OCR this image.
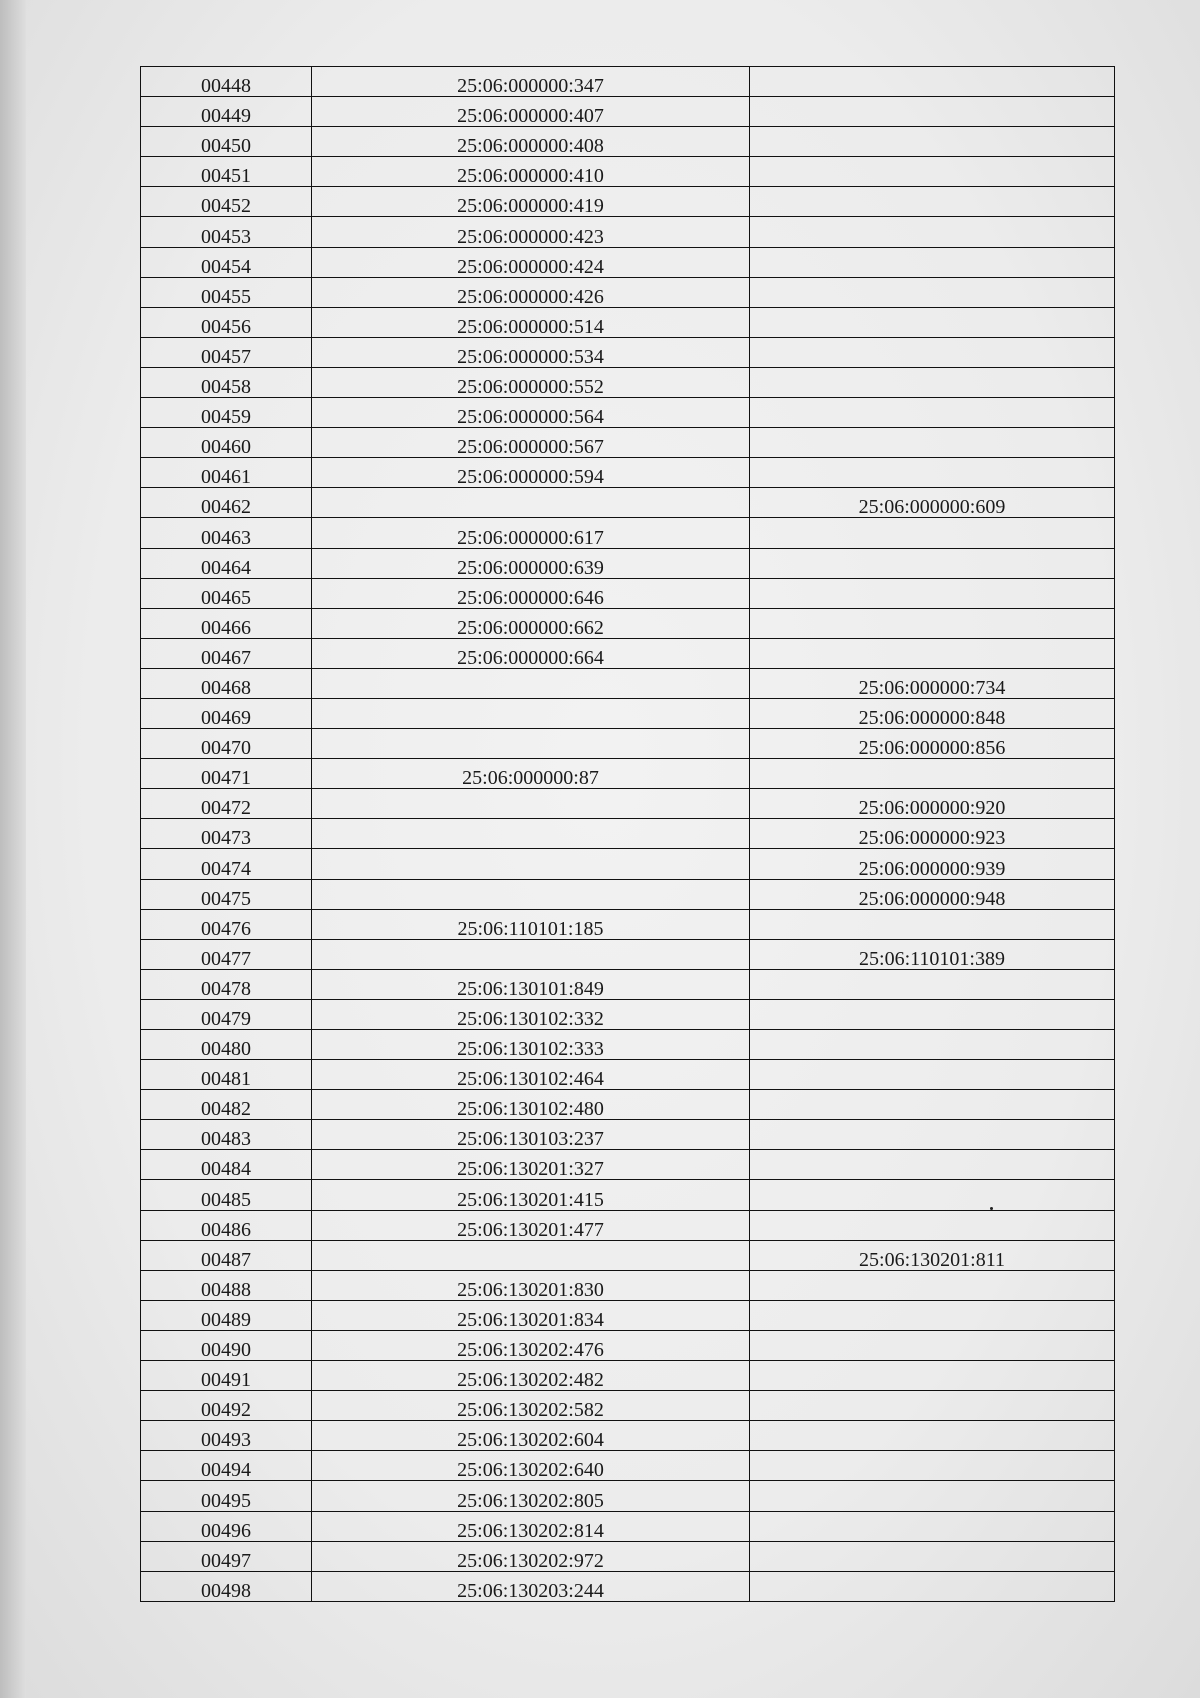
00448	25:06:000000:347	
00449	25:06:000000:407	
00450	25:06:000000:408	
00451	25:06:000000:410	
00452	25:06:000000:419	
00453	25:06:000000:423	
00454	25:06:000000:424	
00455	25:06:000000:426	
00456	25:06:000000:514	
00457	25:06:000000:534	
00458	25:06:000000:552	
00459	25:06:000000:564	
00460	25:06:000000:567	
00461	25:06:000000:594	
00462		25:06:000000:609
00463	25:06:000000:617	
00464	25:06:000000:639	
00465	25:06:000000:646	
00466	25:06:000000:662	
00467	25:06:000000:664	
00468		25:06:000000:734
00469		25:06:000000:848
00470		25:06:000000:856
00471	25:06:000000:87	
00472		25:06:000000:920
00473		25:06:000000:923
00474		25:06:000000:939
00475		25:06:000000:948
00476	25:06:110101:185	
00477		25:06:110101:389
00478	25:06:130101:849	
00479	25:06:130102:332	
00480	25:06:130102:333	
00481	25:06:130102:464	
00482	25:06:130102:480	
00483	25:06:130103:237	
00484	25:06:130201:327	
00485	25:06:130201:415	
00486	25:06:130201:477	
00487		25:06:130201:811
00488	25:06:130201:830	
00489	25:06:130201:834	
00490	25:06:130202:476	
00491	25:06:130202:482	
00492	25:06:130202:582	
00493	25:06:130202:604	
00494	25:06:130202:640	
00495	25:06:130202:805	
00496	25:06:130202:814	
00497	25:06:130202:972	
00498	25:06:130203:244	
